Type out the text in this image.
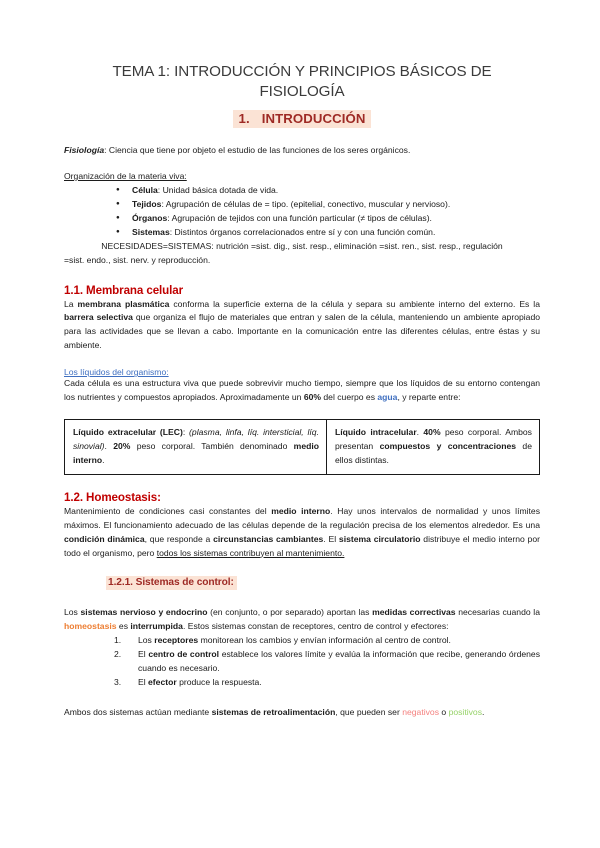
TEMA 1: INTRODUCCIÓN Y PRINCIPIOS BÁSICOS DE FISIOLOGÍA
1. INTRODUCCIÓN

Fisiología: Ciencia que tiene por objeto el estudio de las funciones de los seres orgánicos.

Organización de la materia viva:

● Célula: Unidad básica dotada de vida.
● Tejidos: Agrupación de células de = tipo. (epitelial, conectivo, muscular y nervioso).
● Órganos: Agrupación de tejidos con una función particular (≠ tipos de células).
● Sistemas: Distintos órganos correlacionados entre sí y con una función común.

NECESIDADES=SISTEMAS: nutrición =sist. dig., sist. resp., eliminación =sist. ren., sist. resp., regulación

=sist. endo., sist. nerv. y reproducción.

1.1. Membrana celular

La membrana plasmática conforma la superficie externa de la célula y separa su ambiente interno del externo. Es la barrera selectiva que organiza el flujo de materiales que entran y salen de la célula, manteniendo un ambiente apropiado para las actividades que se llevan a cabo. Importante en la comunicación entre las diferentes células, entre éstas y su ambiente.

Los líquidos del organismo:

Cada célula es una estructura viva que puede sobrevivir mucho tiempo, siempre que los líquidos de su entorno contengan los nutrientes y compuestos apropiados. Aproximadamente un 60% del cuerpo es agua, y reparte entre:

Líquido extracelular (LEC): (plasma, linfa, líq. intersticial, líq. sinovial). 20% peso corporal. También denominado medio interno.	Líquido intracelular. 40% peso corporal. Ambos presentan compuestos y concentraciones de ellos distintas.
1.2. Homeostasis:

Mantenimiento de condiciones casi constantes del medio interno. Hay unos intervalos de normalidad y unos límites máximos. El funcionamiento adecuado de las células depende de la regulación precisa de los elementos alrededor. Es una condición dinámica, que responde a circunstancias cambiantes. El sistema circulatorio distribuye el medio interno por todo el organismo, pero todos los sistemas contribuyen al mantenimiento.

1.2.1. Sistemas de control:

Los sistemas nervioso y endocrino (en conjunto, o por separado) aportan las medidas correctivas necesarias cuando la homeostasis es interrumpida. Estos sistemas constan de receptores, centro de control y efectores:

Los receptores monitorean los cambios y envían información al centro de control.
El centro de control establece los valores límite y evalúa la información que recibe, generando órdenes cuando es necesario.
El efector produce la respuesta.

Ambos dos sistemas actúan mediante sistemas de retroalimentación, que pueden ser negativos o positivos.
